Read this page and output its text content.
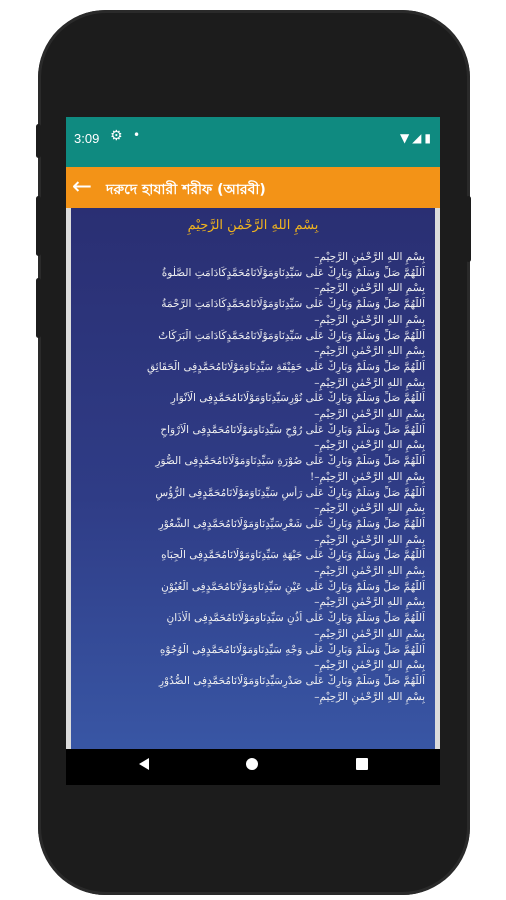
3:09 ⚙ •	▼◢▮
← দরুদে হাযারী শরীফ (আরবী)
بِسْمِ اللهِ الرَّحْمٰنِ الرَّحِيْمِ
بِسْمِ اللهِ الرَّحْمٰنِ الرَّحِيْمِ–
اَللّٰهُمَّ صَلِّ وَسَلِّمْ وَبَارِكْ عَلٰى سَيِّدِنَاوَمَوْلَانَامُحَمَّدٍكَادَامَتِ الصَّلٰوةُ
بِسْمِ اللهِ الرَّحْمٰنِ الرَّحِيْمِ–
اَللّٰهُمَّ صَلِّ وَسَلِّمْ وَبَارِكْ عَلٰى سَيِّدِنَاوَمَوْلَانَامُحَمَّدٍكَادَامَتِ الرَّحْمَةُ
بِسْمِ اللهِ الرَّحْمٰنِ الرَّحِيْمِ–
اَللّٰهُمَّ صَلِّ وَسَلِّمْ وَبَارِكْ عَلٰى سَيِّدِنَاوَمَوْلَانَامُحَمَّدٍكَادَامَتِ الْبَرَكَاتُ
بِسْمِ اللهِ الرَّحْمٰنِ الرَّحِيْمِ–
اَللّٰهُمَّ صَلِّ وَسَلِّمْ وَبَارِكْ عَلٰى حَقِيْقَةِ سَيِّدِنَاوَمَوْلَانَامُحَمَّدٍفِى الْحَقَائِقِ
بِسْمِ اللهِ الرَّحْمٰنِ الرَّحِيْمِ–
اَللّٰهُمَّ صَلِّ وَسَلِّمْ وَبَارِكْ عَلٰى نُوْرِسَيِّدِنَاوَمَوْلَانَامُحَمَّدٍفِى الْاَنْوَارِ
بِسْمِ اللهِ الرَّحْمٰنِ الرَّحِيْمِ–
اَللّٰهُمَّ صَلِّ وَسَلِّمْ وَبَارِكْ عَلٰى رُوْحِ سَيِّدِنَاوَمَوْلَانَامُحَمَّدٍفِى الْاَرْوَاحِ
بِسْمِ اللهِ الرَّحْمٰنِ الرَّحِيْمِ–
اَللّٰهُمَّ صَلِّ وَسَلِّمْ وَبَارِكْ عَلٰى صُوْرَةِ سَيِّدِنَاوَمَوْلَانَامُحَمَّدٍفِى الصُّوَرِ
بِسْمِ اللهِ الرَّحْمٰنِ الرَّحِيْمِ–!
اَللّٰهُمَّ صَلِّ وَسَلِّمْ وَبَارِكْ عَلٰى رَأْسِ سَيِّدِنَاوَمَوْلَانَامُحَمَّدٍفِى الرُّؤُسِ
بِسْمِ اللهِ الرَّحْمٰنِ الرَّحِيْمِ–
اَللّٰهُمَّ صَلِّ وَسَلِّمْ وَبَارِكْ عَلٰى شَعْرِسَيِّدِنَاوَمَوْلَانَامُحَمَّدٍفِى الشُّعُوْرِ
بِسْمِ اللهِ الرَّحْمٰنِ الرَّحِيْمِ–
اَللّٰهُمَّ صَلِّ وَسَلِّمْ وَبَارِكْ عَلٰى جَبْهَةِ سَيِّدِنَاوَمَوْلَانَامُحَمَّدٍفِى الْجِبَاهِ
بِسْمِ اللهِ الرَّحْمٰنِ الرَّحِيْمِ–
اَللّٰهُمَّ صَلِّ وَسَلِّمْ وَبَارِكْ عَلٰى عَيْنِ سَيِّدِنَاوَمَوْلَانَامُحَمَّدٍفِى الْعُيُوْنِ
بِسْمِ اللهِ الرَّحْمٰنِ الرَّحِيْمِ–
اَللّٰهُمَّ صَلِّ وَسَلِّمْ وَبَارِكْ عَلٰى اُذُنِ سَيِّدِنَاوَمَوْلَانَامُحَمَّدٍفِى الْاٰذَانِ
بِسْمِ اللهِ الرَّحْمٰنِ الرَّحِيْمِ–
اَللّٰهُمَّ صَلِّ وَسَلِّمْ وَبَارِكْ عَلٰى وَجْهِ سَيِّدِنَاوَمَوْلَانَامُحَمَّدٍفِى الْوُجُوْهِ
بِسْمِ اللهِ الرَّحْمٰنِ الرَّحِيْمِ–
اَللّٰهُمَّ صَلِّ وَسَلِّمْ وَبَارِكْ عَلٰى صَدْرِسَيِّدِنَاوَمَوْلَانَامُحَمَّدٍفِى الصُّدُوْرِ
بِسْمِ اللهِ الرَّحْمٰنِ الرَّحِيْمِ–
